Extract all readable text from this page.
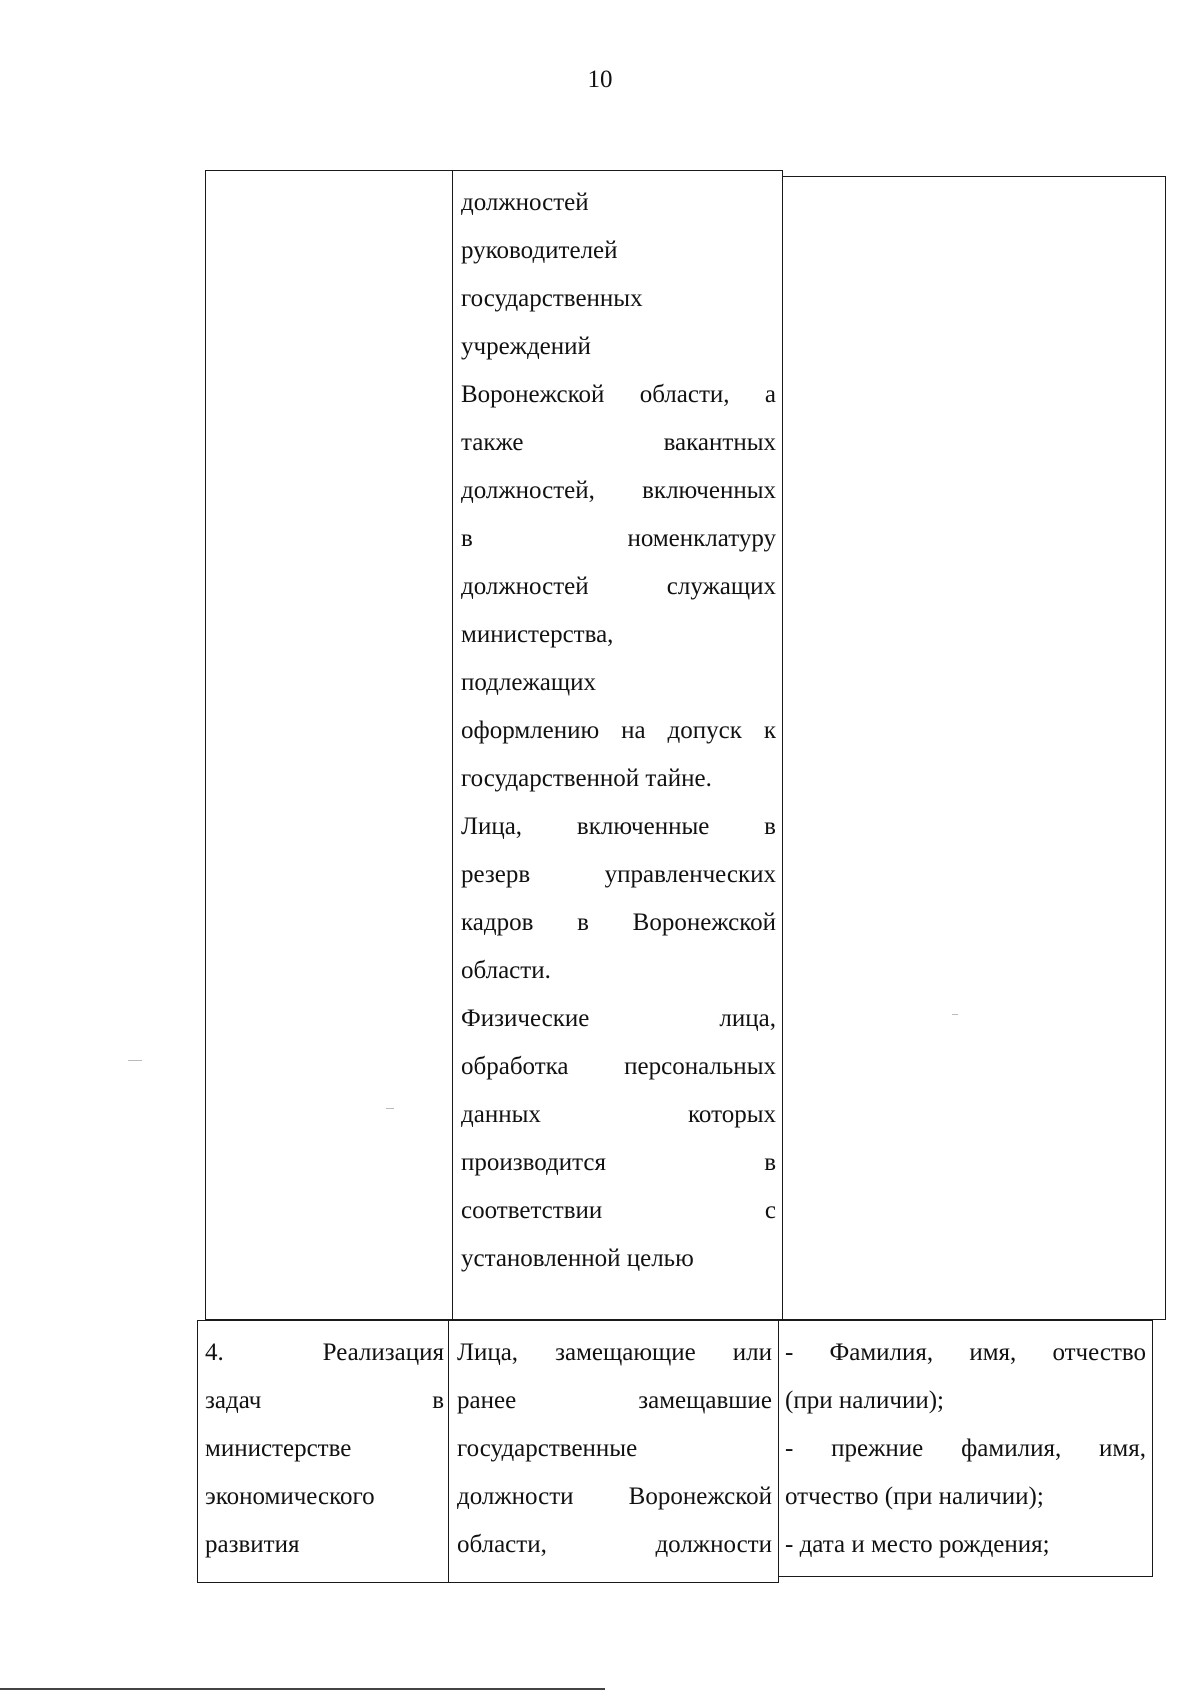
10
должностей
руководителей
государственных
учреждений
Воронежской области, а
также вакантных
должностей, включенных
в номенклатуру
должностей служащих
министерства,
подлежащих
оформлению на допуск к
государственной тайне.
Лица, включенные в
резерв управленческих
кадров в Воронежской
области.
Физические лица,
обработка персональных
данных которых
производится в
соответствии с
установленной целью
4. Реализация
задач в
министерстве
экономического
развития
Лица, замещающие или
ранее замещавшие
государственные
должности Воронежской
области, должности
- Фамилия, имя, отчество
(при наличии);
- прежние фамилия, имя,
отчество (при наличии);
- дата и место рождения;
